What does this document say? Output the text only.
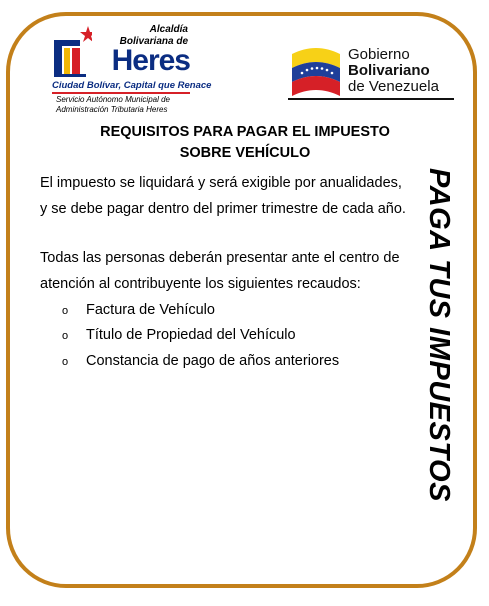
Alcaldía
Bolivariana de
Heres
Ciudad Bolívar, Capital que Renace
Servicio Autónomo Municipal de
Administración Tributaria Heres
Gobierno
Bolivariano
de Venezuela
REQUISITOS PARA PAGAR EL IMPUESTO
SOBRE VEHÍCULO
El impuesto se liquidará y será exigible por anualidades,
y se debe pagar dentro del primer trimestre de cada año.
Todas las personas deberán presentar ante el centro de
atención al contribuyente los siguientes recaudos:
o Factura de Vehículo
o Título de Propiedad del Vehículo
o Constancia de pago de años anteriores	PAGA TUS IMPUESTOS
